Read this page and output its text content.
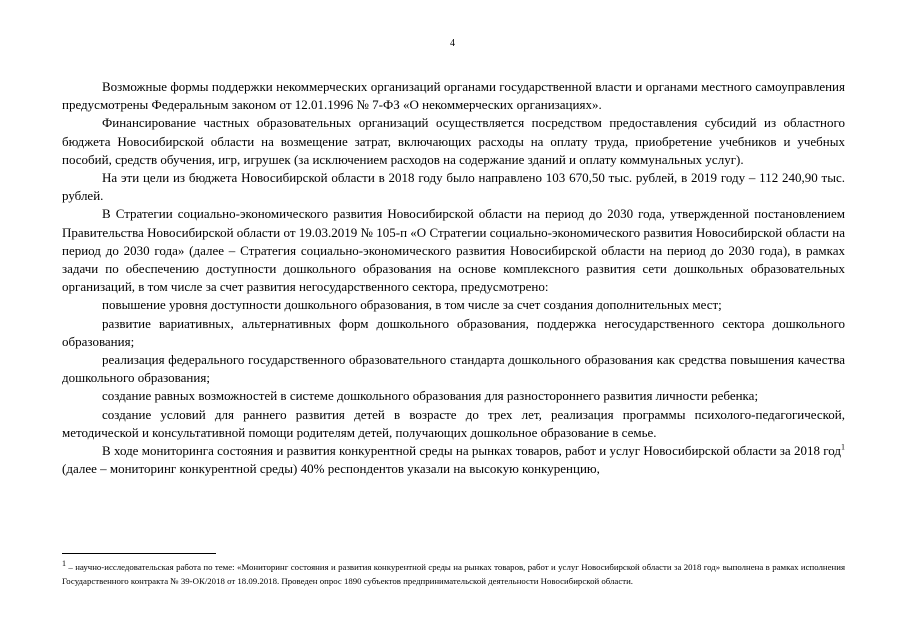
4

Возможные формы поддержки некоммерческих организаций органами государственной власти и органами местного самоуправления предусмотрены Федеральным законом от 12.01.1996 № 7-ФЗ «О некоммерческих организациях».

Финансирование частных образовательных организаций осуществляется посредством предоставления субсидий из областного бюджета Новосибирской области на возмещение затрат, включающих расходы на оплату труда, приобретение учебников и учебных пособий, средств обучения, игр, игрушек (за исключением расходов на содержание зданий и оплату коммунальных услуг).

На эти цели из бюджета Новосибирской области в 2018 году было направлено 103 670,50 тыс. рублей, в 2019 году – 112 240,90 тыс. рублей.

В Стратегии социально-экономического развития Новосибирской области на период до 2030 года, утвержденной постановлением Правительства Новосибирской области от 19.03.2019 № 105-п «О Стратегии социально-экономического развития Новосибирской области на период до 2030 года» (далее – Стратегия социально-экономического развития Новосибирской области на период до 2030 года), в рамках задачи по обеспечению доступности дошкольного образования на основе комплексного развития сети дошкольных образовательных организаций, в том числе за счет развития негосударственного сектора, предусмотрено:

повышение уровня доступности дошкольного образования, в том числе за счет создания дополнительных мест;

развитие вариативных, альтернативных форм дошкольного образования, поддержка негосударственного сектора дошкольного образования;

реализация федерального государственного образовательного стандарта дошкольного образования как средства повышения качества дошкольного образования;

создание равных возможностей в системе дошкольного образования для разностороннего развития личности ребенка;

создание условий для раннего развития детей в возрасте до трех лет, реализация программы психолого-педагогической, методической и консультативной помощи родителям детей, получающих дошкольное образование в семье.

В ходе мониторинга состояния и развития конкурентной среды на рынках товаров, работ и услуг Новосибирской области за 2018 год$^1$ (далее – мониторинг конкурентной среды) 40% респондентов указали на высокую конкуренцию,

$^1$ – научно-исследовательская работа по теме: «Мониторинг состояния и развития конкурентной среды на рынках товаров, работ и услуг Новосибирской области за 2018 год» выполнена в рамках исполнения Государственного контракта № 39-ОК/2018 от 18.09.2018. Проведен опрос 1890 субъектов предпринимательской деятельности Новосибирской области.
